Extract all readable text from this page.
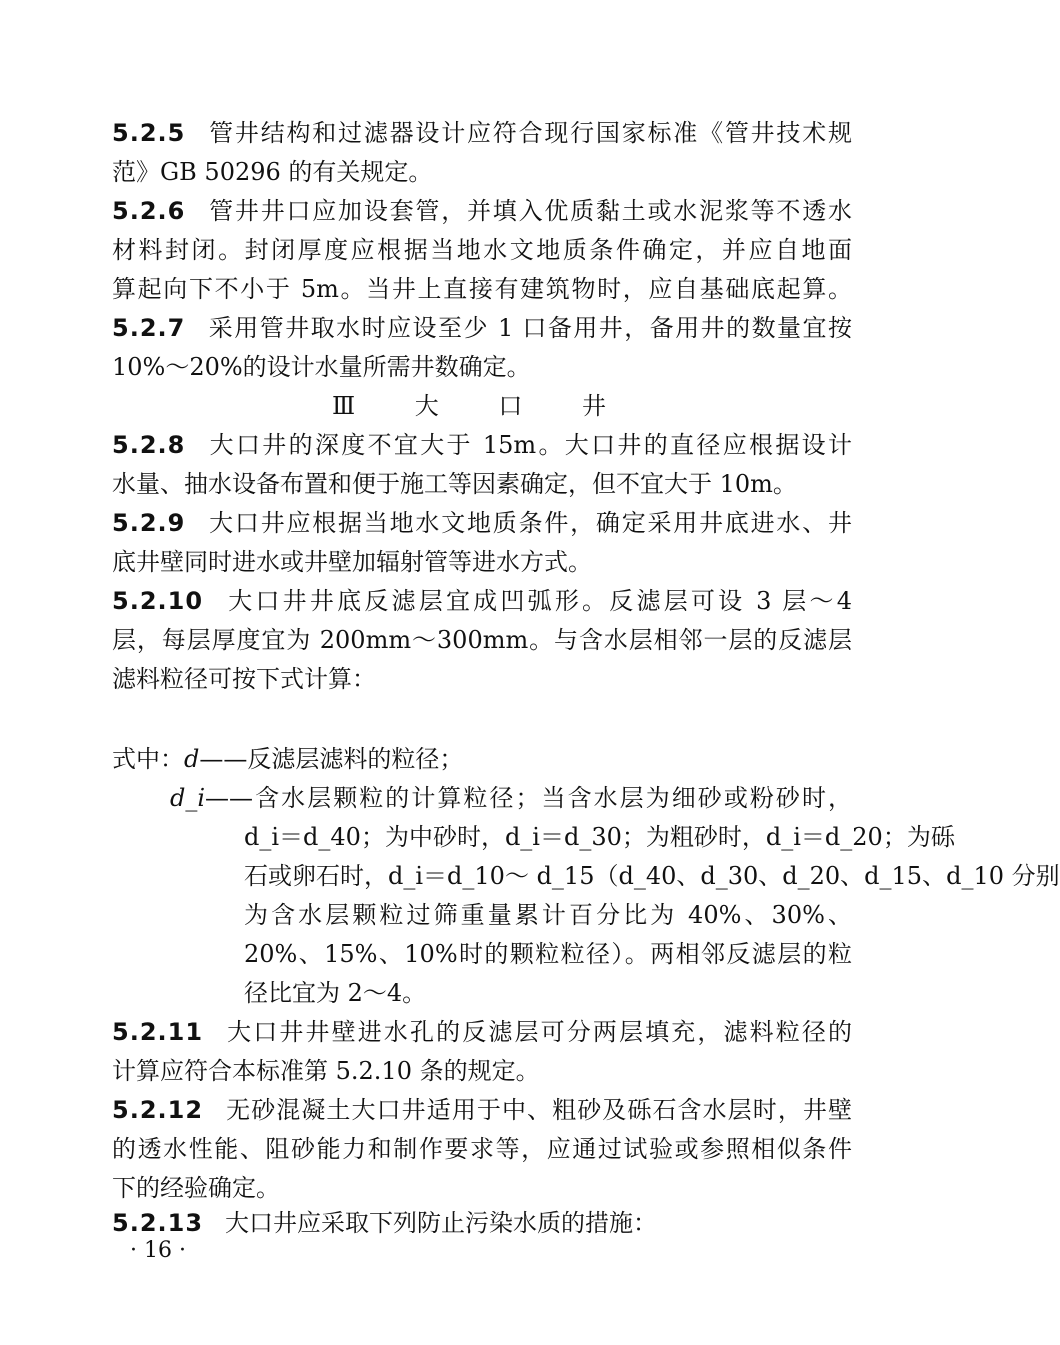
5.2.5 管井结构和过滤器设计应符合现行国家标准《管井技术规
范》GB 50296 的有关规定。
5.2.6 管井井口应加设套管，并填入优质黏土或水泥浆等不透水
材料封闭。封闭厚度应根据当地水文地质条件确定，并应自地面
算起向下不小于 5m。当井上直接有建筑物时，应自基础底起算。
5.2.7 采用管井取水时应设至少 1 口备用井，备用井的数量宜按
10%～20%的设计水量所需井数确定。
Ⅲ 大 口 井
5.2.8 大口井的深度不宜大于 15m。大口井的直径应根据设计
水量、抽水设备布置和便于施工等因素确定，但不宜大于 10m。
5.2.9 大口井应根据当地水文地质条件，确定采用井底进水、井
底井壁同时进水或井壁加辐射管等进水方式。
5.2.10 大口井井底反滤层宜成凹弧形。反滤层可设 3 层～4
层，每层厚度宜为 200mm～300mm。与含水层相邻一层的反滤层
滤料粒径可按下式计算：
式中：d——反滤层滤料的粒径；
d_i——含水层颗粒的计算粒径；当含水层为细砂或粉砂时，
d_i＝d_40；为中砂时，d_i＝d_30；为粗砂时，d_i＝d_20；为砾
石或卵石时，d_i＝d_10～ d_15（d_40、d_30、d_20、d_15、d_10 分别
为含水层颗粒过筛重量累计百分比为 40%、30%、
20%、15%、10%时的颗粒粒径）。两相邻反滤层的粒
径比宜为 2～4。
5.2.11 大口井井壁进水孔的反滤层可分两层填充，滤料粒径的
计算应符合本标准第 5.2.10 条的规定。
5.2.12 无砂混凝土大口井适用于中、粗砂及砾石含水层时，井壁
的透水性能、阻砂能力和制作要求等，应通过试验或参照相似条件
下的经验确定。
5.2.13 大口井应采取下列防止污染水质的措施：
· 16 ·
